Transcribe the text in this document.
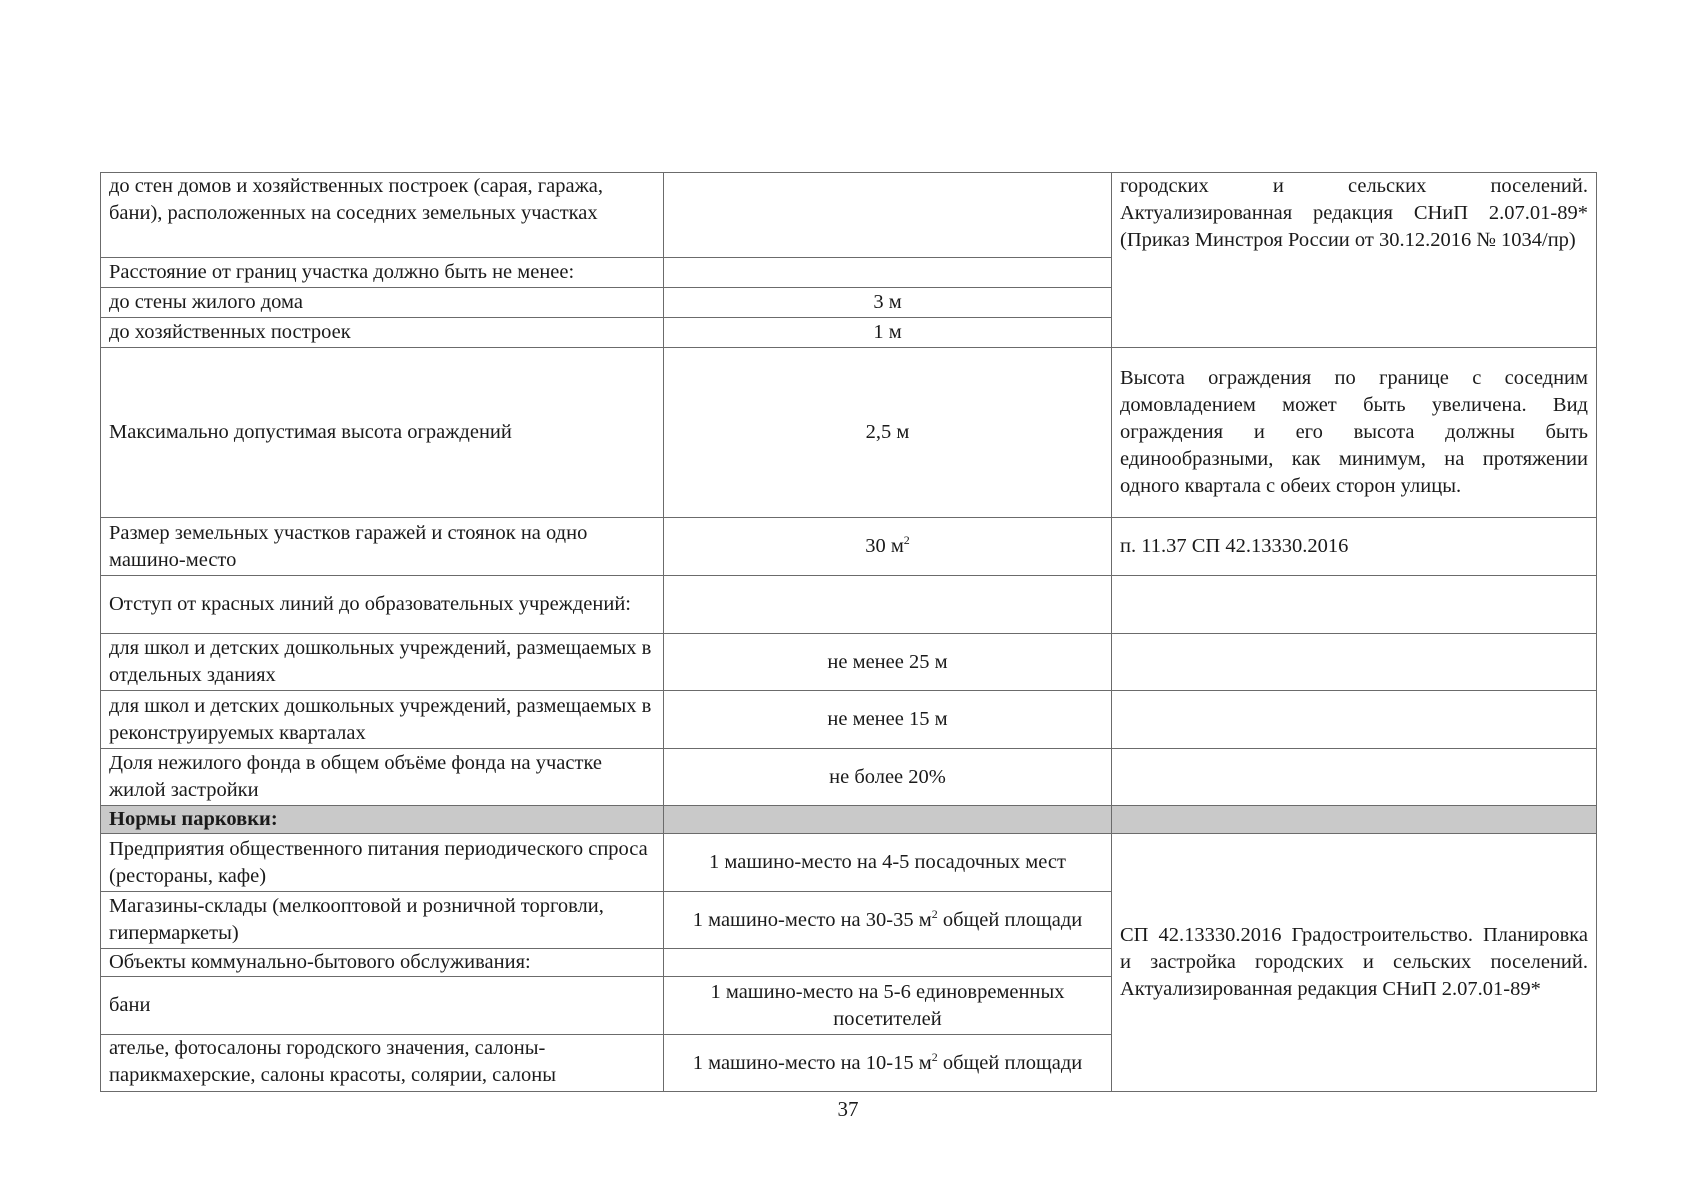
до стен домов и хозяйственных построек (сарая, гаража, бани), расположенных на соседних земельных участках		городских и сельских поселений. Актуализированная редакция СНиП 2.07.01-89* (Приказ Минстроя России от 30.12.2016 № 1034/пр)
Расстояние от границ участка должно быть не менее:		
до стены жилого дома	3 м	
до хозяйственных построек	1 м	
Максимально допустимая высота ограждений	2,5 м	Высота ограждения по границе с соседним домовладением может быть увеличена. Вид ограждения и его высота должны быть единообразными, как минимум, на протяжении одного квартала с обеих сторон улицы.
Размер земельных участков гаражей и стоянок на одно машино-место	30 $м^2$	п. 11.37 СП 42.13330.2016
Отступ от красных линий до образовательных учреждений:		
для школ и детских дошкольных учреждений, размещаемых в отдельных зданиях	не менее 25 м	
для школ и детских дошкольных учреждений, размещаемых в реконструируемых кварталах	не менее 15 м	
Доля нежилого фонда в общем объёме фонда на участке жилой застройки	не более 20%	
Нормы парковки:		
Предприятия общественного питания периодического спроса (рестораны, кафе)	1 машино-место на 4-5 посадочных мест	СП 42.13330.2016 Градостроительство. Планировка и застройка городских и сельских поселений. Актуализированная редакция СНиП 2.07.01-89*
Магазины-склады (мелкооптовой и розничной торговли, гипермаркеты)	1 машино-место на 30-35 $м^2$ общей площади	
Объекты коммунально-бытового обслуживания:		
бани	1 машино-место на 5-6 единовременных посетителей	
ателье, фотосалоны городского значения, салоны-парикмахерские, салоны красоты, солярии, салоны	1 машино-место на 10-15 $м^2$ общей площади	
37
